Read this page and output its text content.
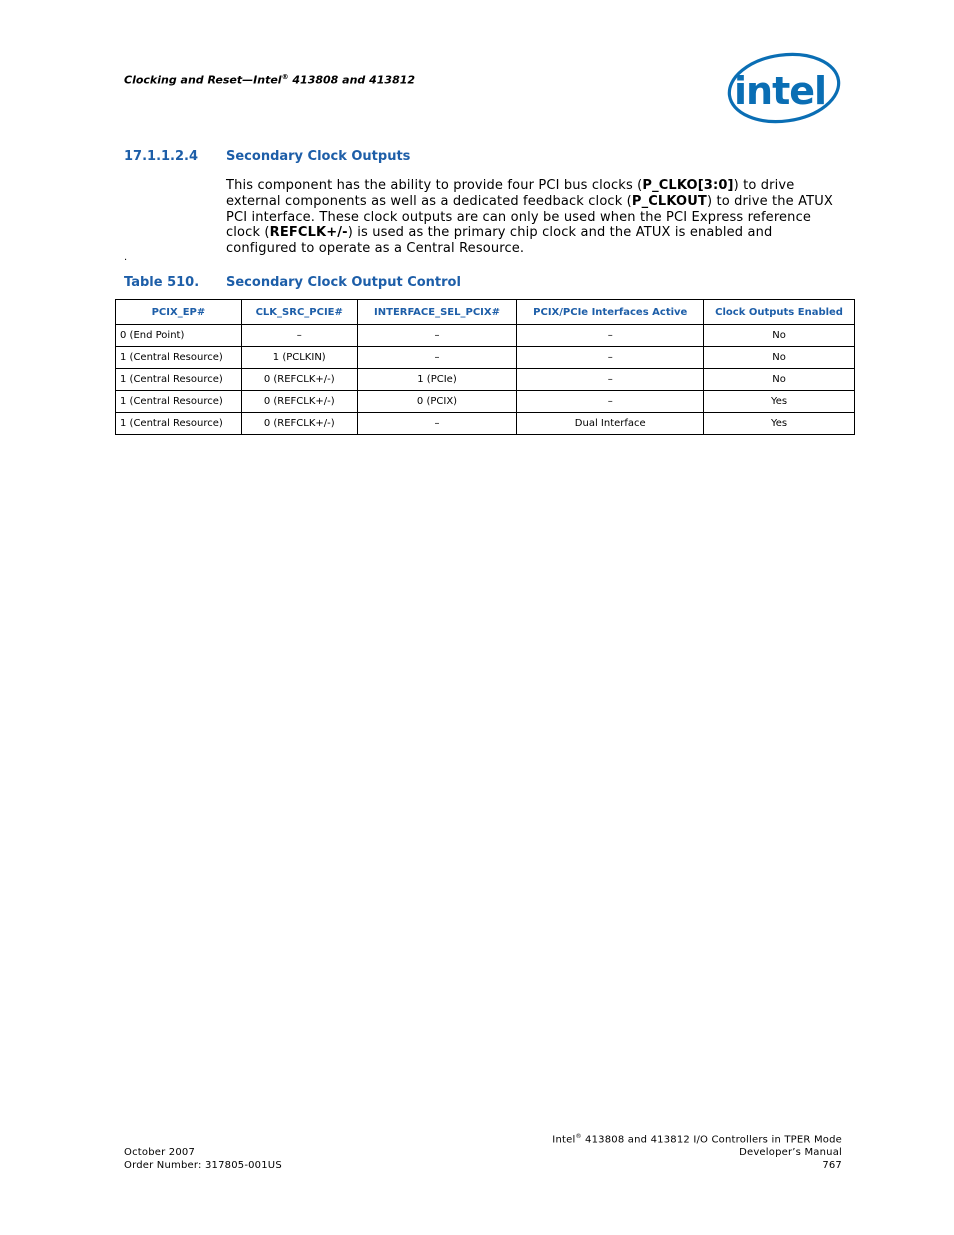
Clocking and Reset—Intel® 413808 and 413812	intel
17.1.1.2.4 Secondary Clock Outputs
This component has the ability to provide four PCI bus clocks (P_CLKO[3:0]) to drive external components as well as a dedicated feedback clock (P_CLKOUT) to drive the ATUX PCI interface. These clock outputs are can only be used when the PCI Express reference clock (REFCLK+/-) is used as the primary chip clock and the ATUX is enabled and configured to operate as a Central Resource.
.
Table 510. Secondary Clock Output Control
PCIX_EP#	CLK_SRC_PCIE#	INTERFACE_SEL_PCIX#	PCIX/PCIe Interfaces Active	Clock Outputs Enabled
0 (End Point)	–	–	–	No
1 (Central Resource)	1 (PCLKIN)	–	–	No
1 (Central Resource)	0 (REFCLK+/-)	1 (PCIe)	–	No
1 (Central Resource)	0 (REFCLK+/-)	0 (PCIX)	–	Yes
1 (Central Resource)	0 (REFCLK+/-)	–	Dual Interface	Yes
October 2007
Order Number: 317805-001US
Intel® 413808 and 413812 I/O Controllers in TPER Mode
Developer’s Manual
767
